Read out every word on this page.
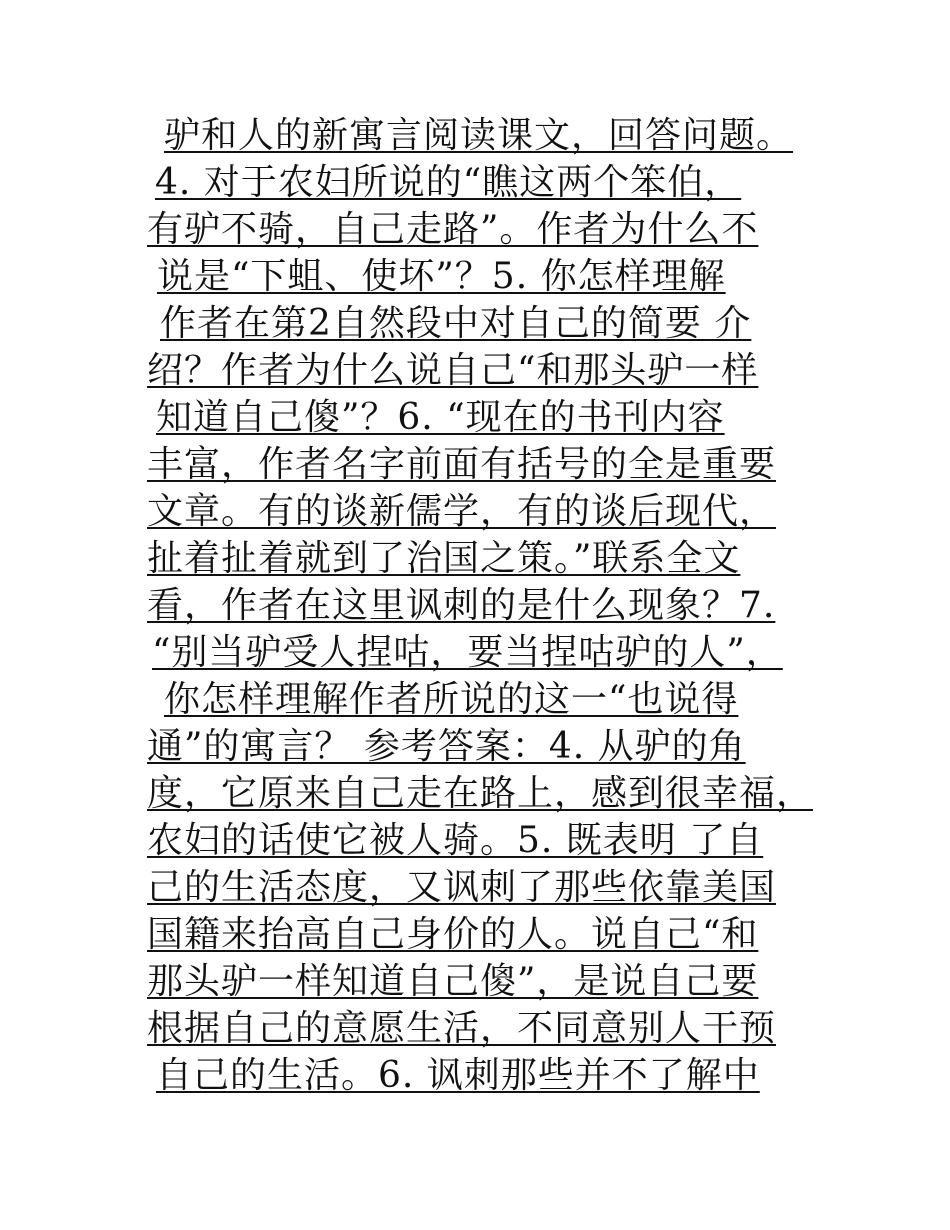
驴和人的新寓言阅读课文，回答问题。
4. 对于农妇所说的“瞧这两个笨伯，
有驴不骑，自己走路”。作者为什么不
说是“下蛆、使坏”？5. 你怎样理解
作者在第2自然段中对自己的简要 介
绍？作者为什么说自己“和那头驴一样
知道自己傻”？6. “现在的书刊内容
丰富，作者名字前面有括号的全是重要
文章。有的谈新儒学，有的谈后现代，
扯着扯着就到了治国之策。”联系全文
看，作者在这里讽刺的是什么现象？7.
“别当驴受人捏咕，要当捏咕驴的人”，
你怎样理解作者所说的这一“也说得
通”的寓言？ 参考答案：4. 从驴的角
度，它原来自己走在路上，感到很幸福，
农妇的话使它被人骑。5. 既表明 了自
己的生活态度，又讽刺了那些依靠美国
国籍来抬高自己身价的人。说自己“和
那头驴一样知道自己傻”，是说自己要
根据自己的意愿生活，不同意别人干预
自己的生活。6. 讽刺那些并不了解中
